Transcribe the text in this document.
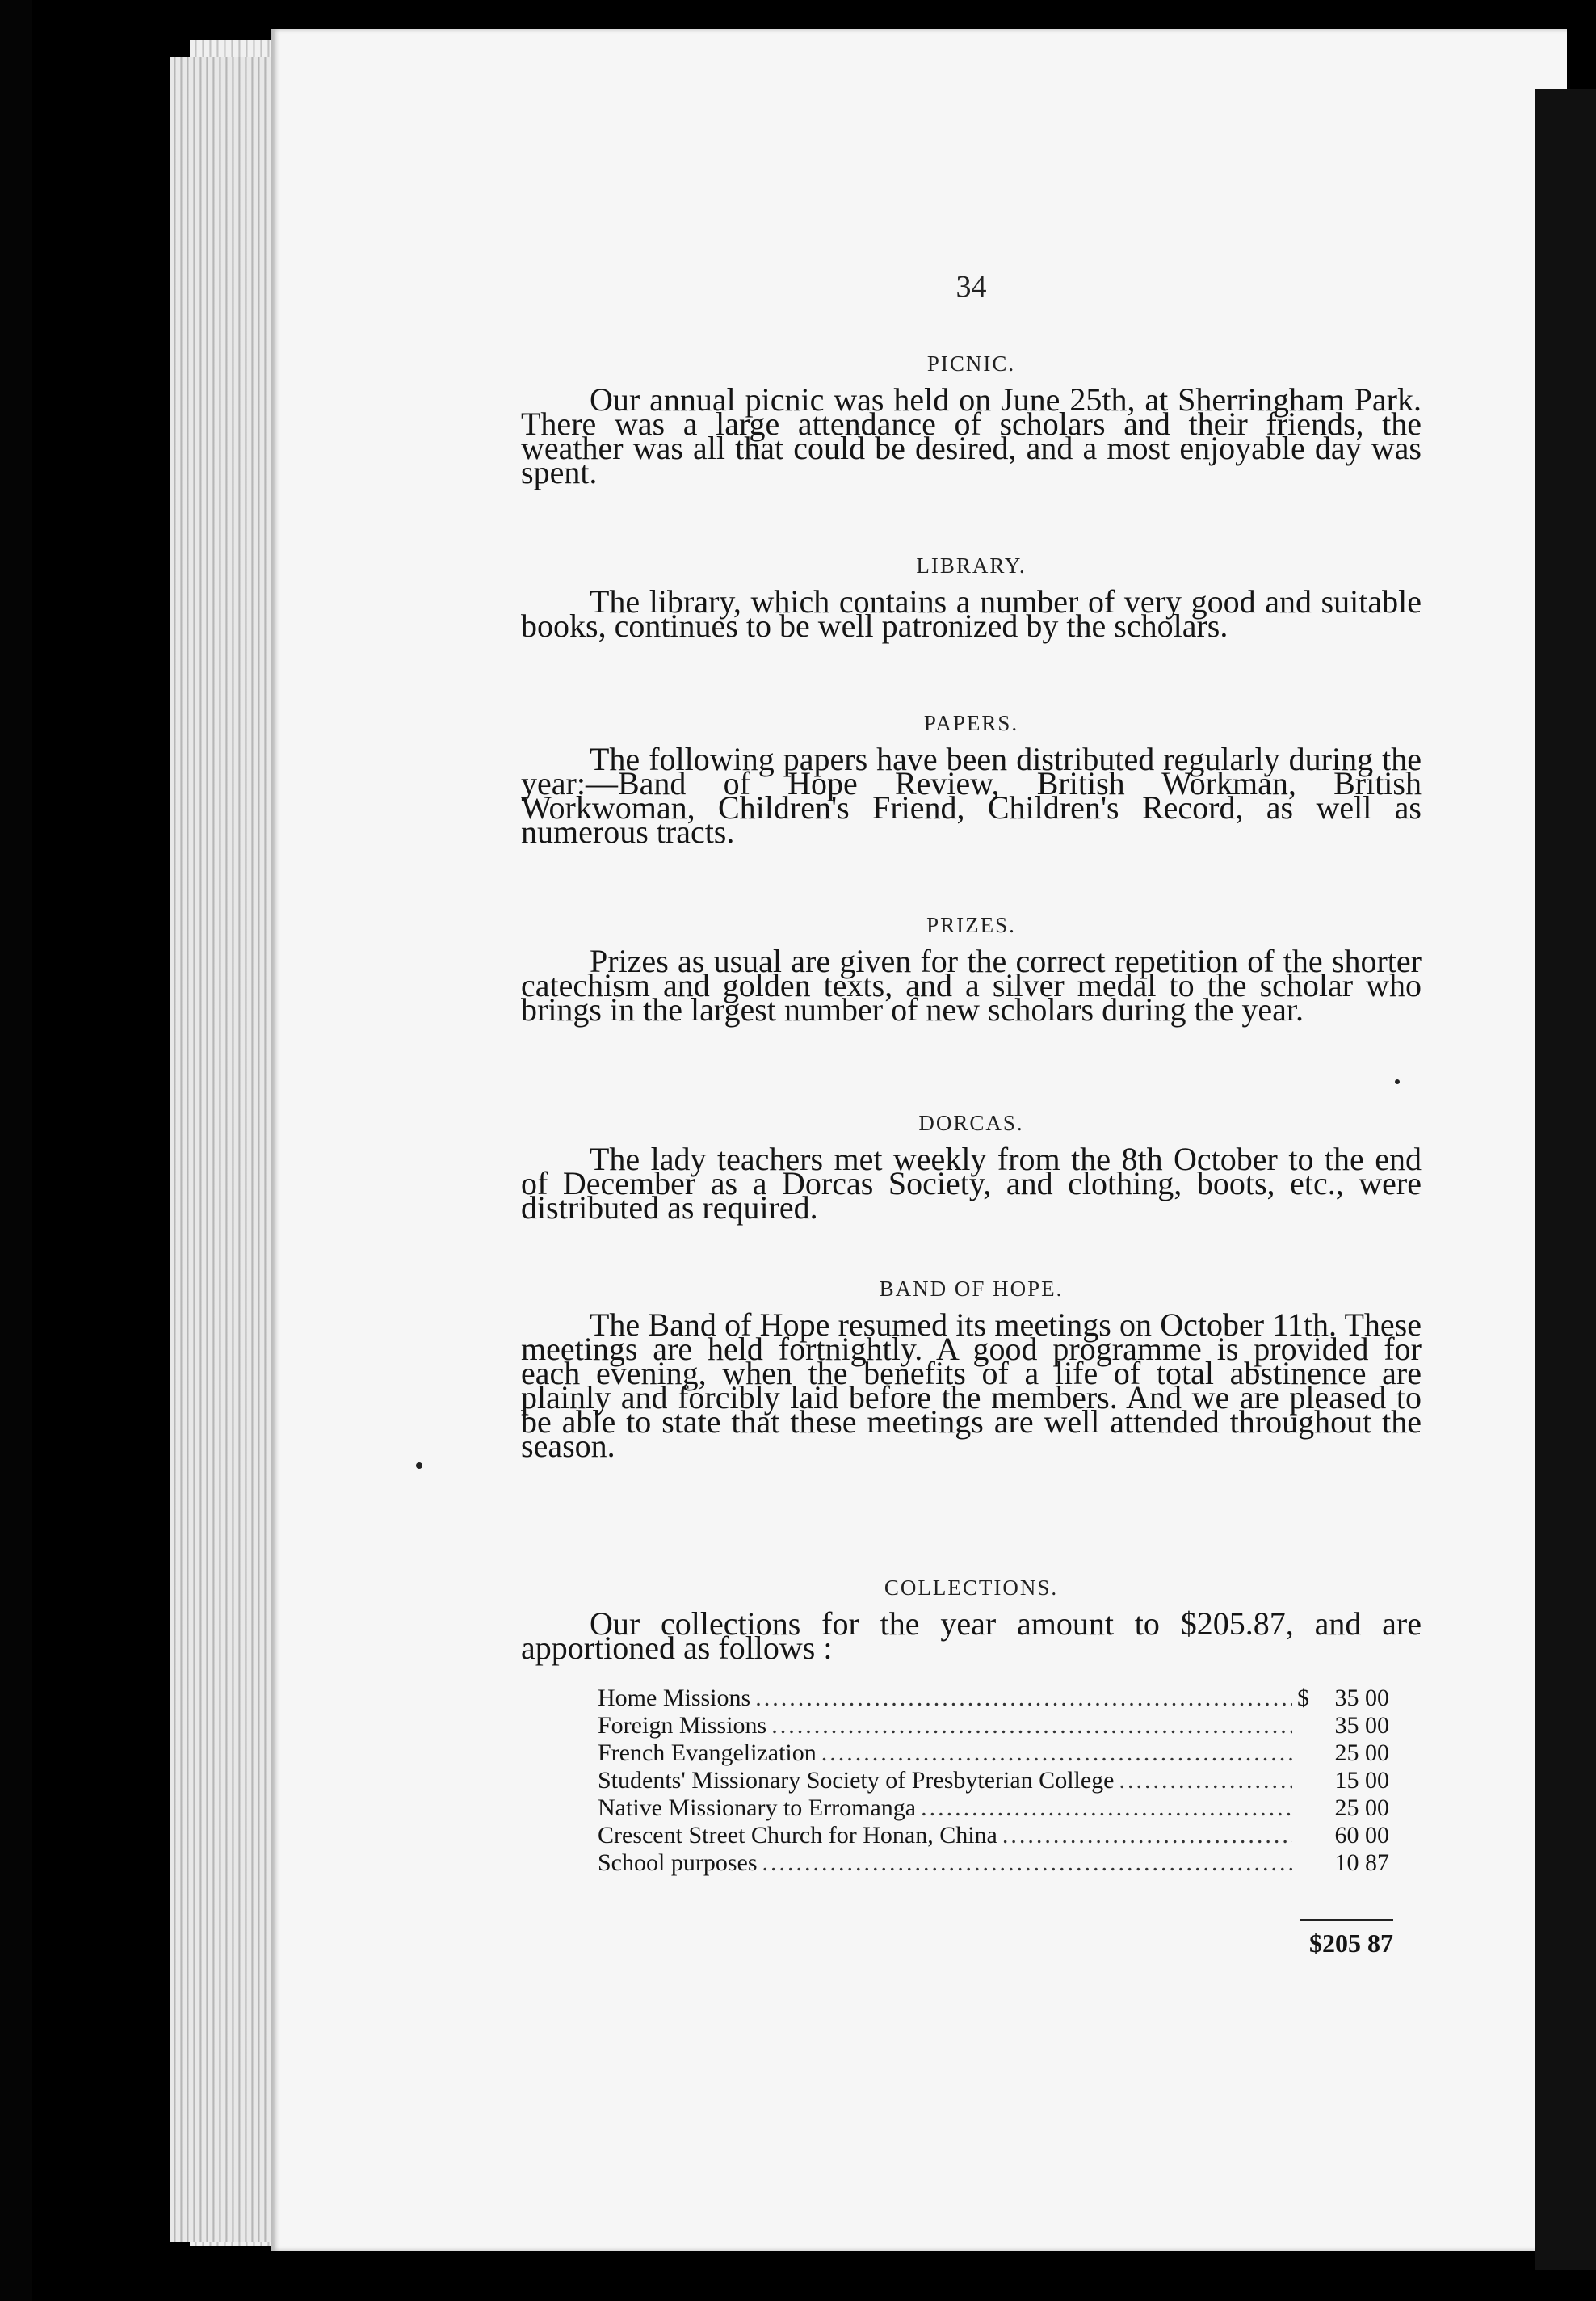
34
PICNIC.
Our annual picnic was held on June 25th, at Sherringham Park. There was a large attendance of scholars and their friends, the weather was all that could be desired, and a most enjoyable day was spent.
LIBRARY.
The library, which contains a number of very good and suitable books, continues to be well patronized by the scholars.
PAPERS.
The following papers have been distributed regularly during the year:—Band of Hope Review, British Workman, British Workwoman, Children's Friend, Children's Record, as well as numerous tracts.
PRIZES.
Prizes as usual are given for the correct repetition of the shorter catechism and golden texts, and a silver medal to the scholar who brings in the largest number of new scholars during the year.
DORCAS.
The lady teachers met weekly from the 8th October to the end of December as a Dorcas Society, and clothing, boots, etc., were distributed as required.
BAND OF HOPE.
The Band of Hope resumed its meetings on October 11th. These meetings are held fortnightly. A good programme is provided for each evening, when the benefits of a life of total abstinence are plainly and forcibly laid before the members. And we are pleased to be able to state that these meetings are well attended throughout the season.
COLLECTIONS.
Our collections for the year amount to $205.87, and are apportioned as follows :
Home Missions .....	$	35 00
Foreign Missions .....	35 00
French Evangelization .....	25 00
Students' Missionary Society of Presbyterian College .....	15 00
Native Missionary to Erromanga .....	25 00
Crescent Street Church for Honan, China .....	60 00
School purposes .....	10 87
$205 87
